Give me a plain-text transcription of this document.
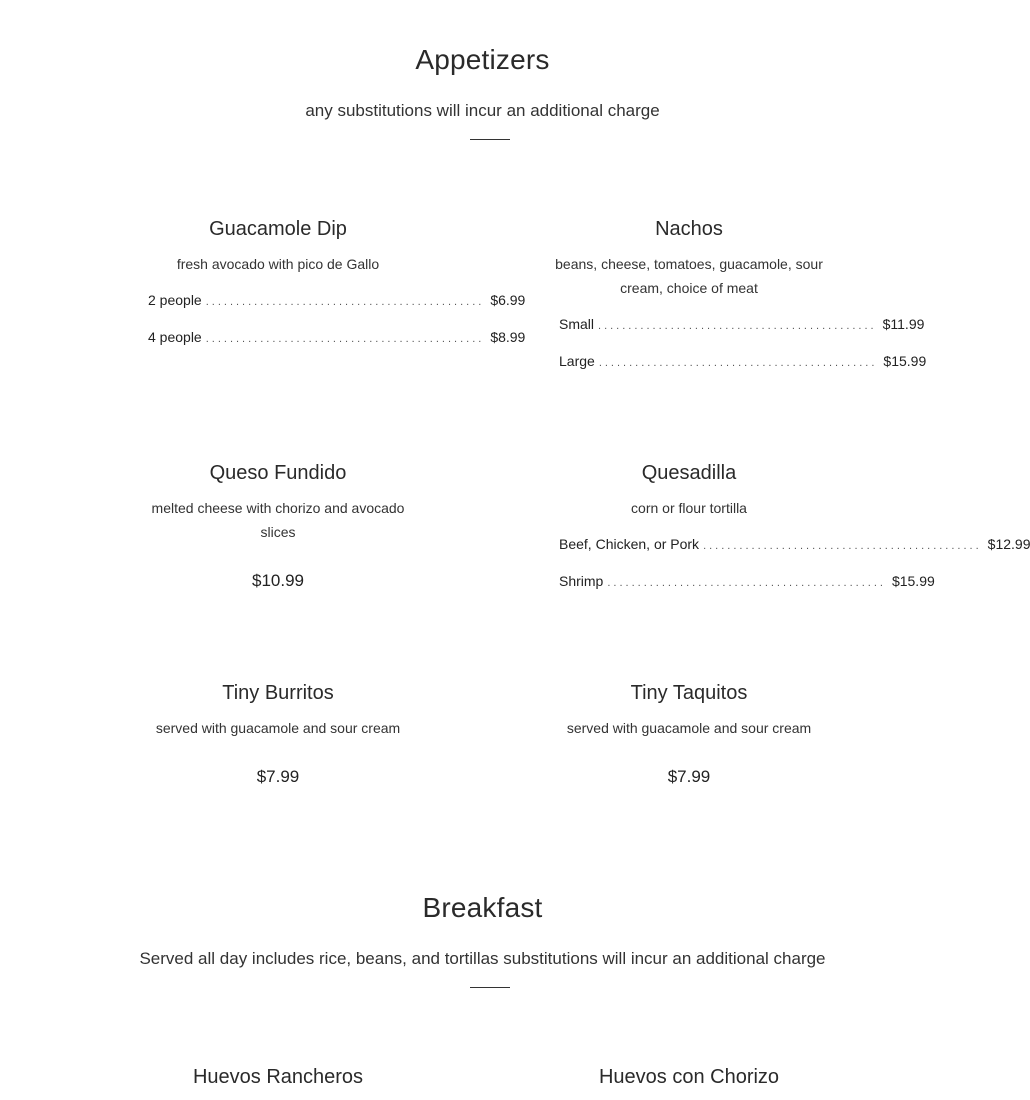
Appetizers
any substitutions will incur an additional charge
Guacamole Dip
fresh avocado with pico de Gallo
2 people .............................................. $6.99
4 people .............................................. $8.99
Nachos
beans, cheese, tomatoes, guacamole, sour cream, choice of meat
Small .............................................. $11.99
Large .............................................. $15.99
Queso Fundido
melted cheese with chorizo and avocado slices
$10.99
Quesadilla
corn or flour tortilla
Beef, Chicken, or Pork .............................................. $12.99
Shrimp .............................................. $15.99
Tiny Burritos
served with guacamole and sour cream
$7.99
Tiny Taquitos
served with guacamole and sour cream
$7.99
Breakfast
Served all day includes rice, beans, and tortillas substitutions will incur an additional charge
Huevos Rancheros	Huevos con Chorizo
